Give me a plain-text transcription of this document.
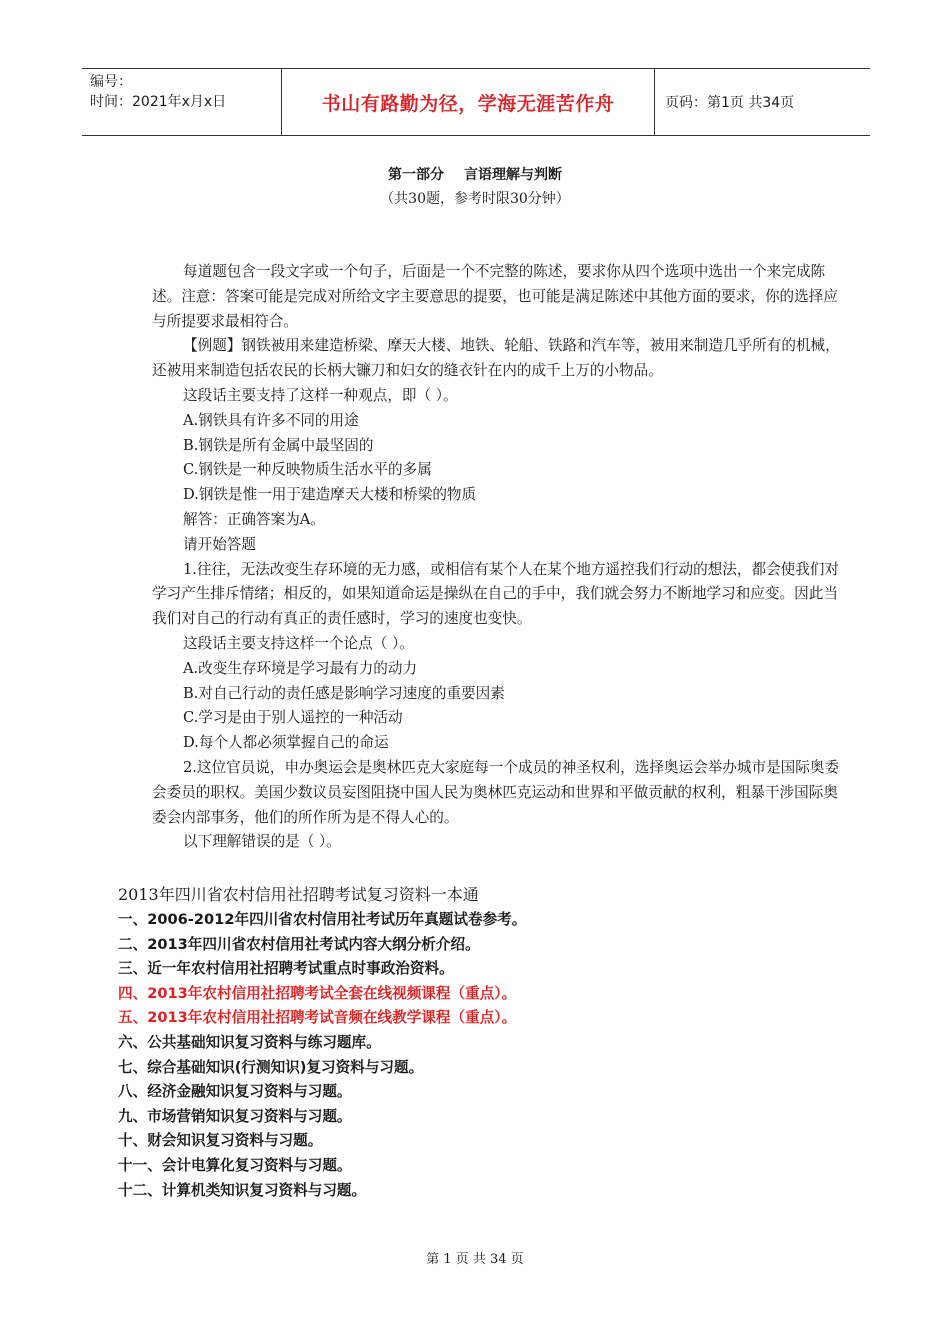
编号：
时间：2021年x月x日	书山有路勤为径，学海无涯苦作舟	页码：第1页 共34页
第一部分 言语理解与判断
（共30题，参考时限30分钟）

每道题包含一段文字或一个句子，后面是一个不完整的陈述，要求你从四个选项中选出一个来完成陈述。注意：答案可能是完成对所给文字主要意思的提要，也可能是满足陈述中其他方面的要求，你的选择应与所提要求最相符合。

【例题】钢铁被用来建造桥梁、摩天大楼、地铁、轮船、铁路和汽车等，被用来制造几乎所有的机械，还被用来制造包括农民的长柄大镰刀和妇女的缝衣针在内的成千上万的小物品。

这段话主要支持了这样一种观点，即（ ）。

A.钢铁具有许多不同的用途

B.钢铁是所有金属中最坚固的

C.钢铁是一种反映物质生活水平的多属

D.钢铁是惟一用于建造摩天大楼和桥梁的物质

解答：正确答案为A。

请开始答题

1.往往，无法改变生存环境的无力感，或相信有某个人在某个地方遥控我们行动的想法，都会使我们对学习产生排斥情绪；相反的，如果知道命运是操纵在自己的手中，我们就会努力不断地学习和应变。因此当我们对自己的行动有真正的责任感时，学习的速度也变快。

这段话主要支持这样一个论点（ ）。

A.改变生存环境是学习最有力的动力

B.对自己行动的责任感是影响学习速度的重要因素

C.学习是由于别人遥控的一种活动

D.每个人都必须掌握自己的命运

2.这位官员说，申办奥运会是奥林匹克大家庭每一个成员的神圣权利，选择奥运会举办城市是国际奥委会委员的职权。美国少数议员妄图阻挠中国人民为奥林匹克运动和世界和平做贡献的权利，粗暴干涉国际奥委会内部事务，他们的所作所为是不得人心的。

以下理解错误的是（ ）。

2013年四川省农村信用社招聘考试复习资料一本通

一、2006-2012年四川省农村信用社考试历年真题试卷参考。

二、2013年四川省农村信用社考试内容大纲分析介绍。

三、近一年农村信用社招聘考试重点时事政治资料。

四、2013年农村信用社招聘考试全套在线视频课程（重点）。

五、2013年农村信用社招聘考试音频在线教学课程（重点）。

六、公共基础知识复习资料与练习题库。

七、综合基础知识(行测知识)复习资料与习题。

八、经济金融知识复习资料与习题。

九、市场营销知识复习资料与习题。

十、财会知识复习资料与习题。

十一、会计电算化复习资料与习题。

十二、计算机类知识复习资料与习题。

第 1 页 共 34 页
